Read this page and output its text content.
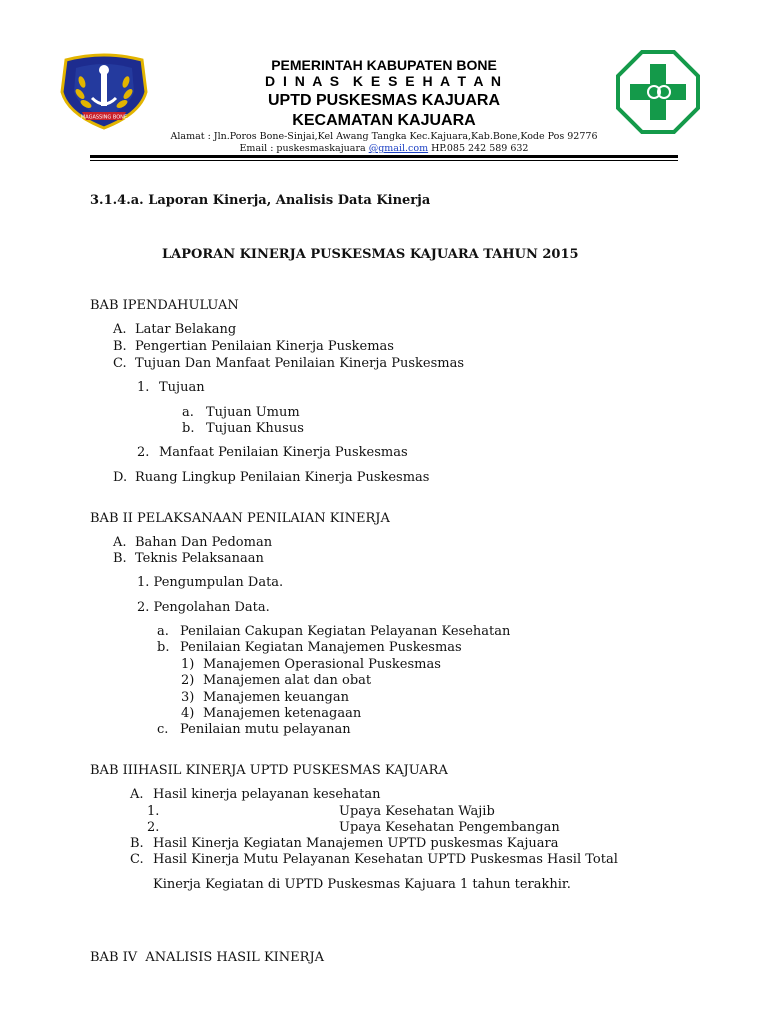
MAGASSING BONE
PEMERINTAH KABUPATEN BONE
D I N A S  K E S E H A T A N
UPTD PUSKESMAS KAJUARA
KECAMATAN KAJUARA
Alamat : Jln.Poros Bone-Sinjai,Kel Awang Tangka Kec.Kajuara,Kab.Bone,Kode Pos 92776
Email : puskesmaskajuara @gmail.com HP.085 242 589 632
3.1.4.a. Laporan Kinerja, Analisis Data Kinerja
LAPORAN KINERJA PUSKESMAS KAJUARA TAHUN 2015
BAB IPENDAHULUAN
A. Latar Belakang
B. Pengertian Penilaian Kinerja Puskemas
C. Tujuan Dan Manfaat Penilaian Kinerja Puskesmas
1. Tujuan
a. Tujuan Umum
b. Tujuan Khusus
2. Manfaat Penilaian Kinerja Puskesmas
D. Ruang Lingkup Penilaian Kinerja Puskesmas
BAB II PELAKSANAAN PENILAIAN KINERJA
A. Bahan Dan Pedoman
B. Teknis Pelaksanaan
1. Pengumpulan Data.
2. Pengolahan Data.
a. Penilaian Cakupan Kegiatan Pelayanan Kesehatan
b. Penilaian Kegiatan Manajemen Puskesmas
1) Manajemen Operasional Puskesmas
2) Manajemen alat dan obat
3) Manajemen keuangan
4) Manajemen ketenagaan
c. Penilaian mutu pelayanan
BAB IIIHASIL KINERJA UPTD PUSKESMAS KAJUARA
A. Hasil kinerja pelayanan kesehatan
1.	Upaya Kesehatan Wajib
2.	Upaya Kesehatan Pengembangan
B. Hasil Kinerja Kegiatan Manajemen UPTD puskesmas Kajuara
C. Hasil Kinerja Mutu Pelayanan Kesehatan UPTD Puskesmas Hasil Total
Kinerja Kegiatan di UPTD Puskesmas Kajuara 1 tahun terakhir.
BAB IV  ANALISIS HASIL KINERJA
